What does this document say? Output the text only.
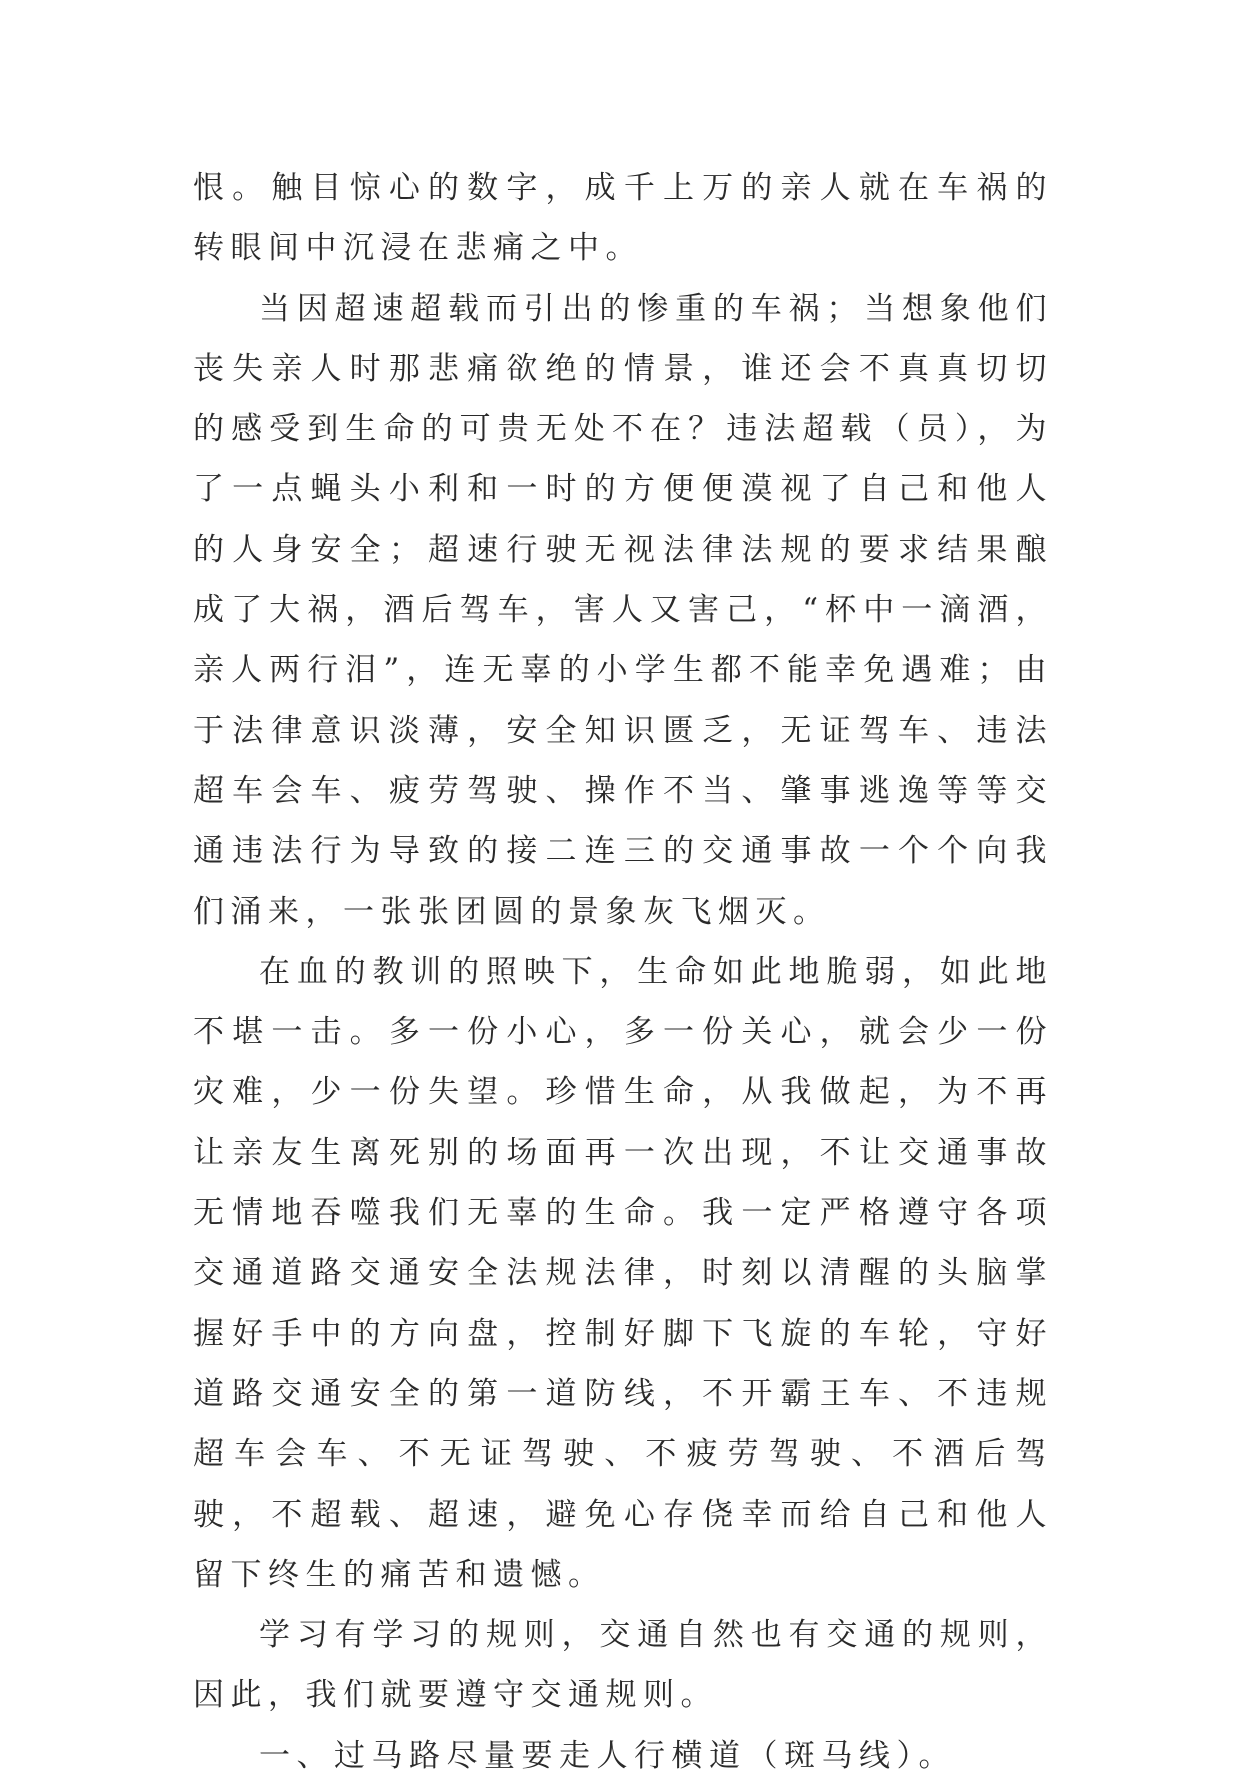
恨。触目惊心的数字，成千上万的亲人就在车祸的转眼间中沉浸在悲痛之中。

当因超速超载而引出的惨重的车祸；当想象他们丧失亲人时那悲痛欲绝的情景，谁还会不真真切切的感受到生命的可贵无处不在？违法超载（员），为了一点蝇头小利和一时的方便便漠视了自己和他人的人身安全；超速行驶无视法律法规的要求结果酿成了大祸，酒后驾车，害人又害己，“杯中一滴酒，亲人两行泪”，连无辜的小学生都不能幸免遇难；由于法律意识淡薄，安全知识匮乏，无证驾车、违法超车会车、疲劳驾驶、操作不当、肇事逃逸等等交通违法行为导致的接二连三的交通事故一个个向我们涌来，一张张团圆的景象灰飞烟灭。

在血的教训的照映下，生命如此地脆弱，如此地不堪一击。多一份小心，多一份关心，就会少一份灾难，少一份失望。珍惜生命，从我做起，为不再让亲友生离死别的场面再一次出现，不让交通事故无情地吞噬我们无辜的生命。我一定严格遵守各项交通道路交通安全法规法律，时刻以清醒的头脑掌握好手中的方向盘，控制好脚下飞旋的车轮，守好道路交通安全的第一道防线，不开霸王车、不违规超车会车、不无证驾驶、不疲劳驾驶、不酒后驾驶，不超载、超速，避免心存侥幸而给自己和他人留下终生的痛苦和遗憾。

学习有学习的规则，交通自然也有交通的规则，因此，我们就要遵守交通规则。

一、过马路尽量要走人行横道（斑马线）。
